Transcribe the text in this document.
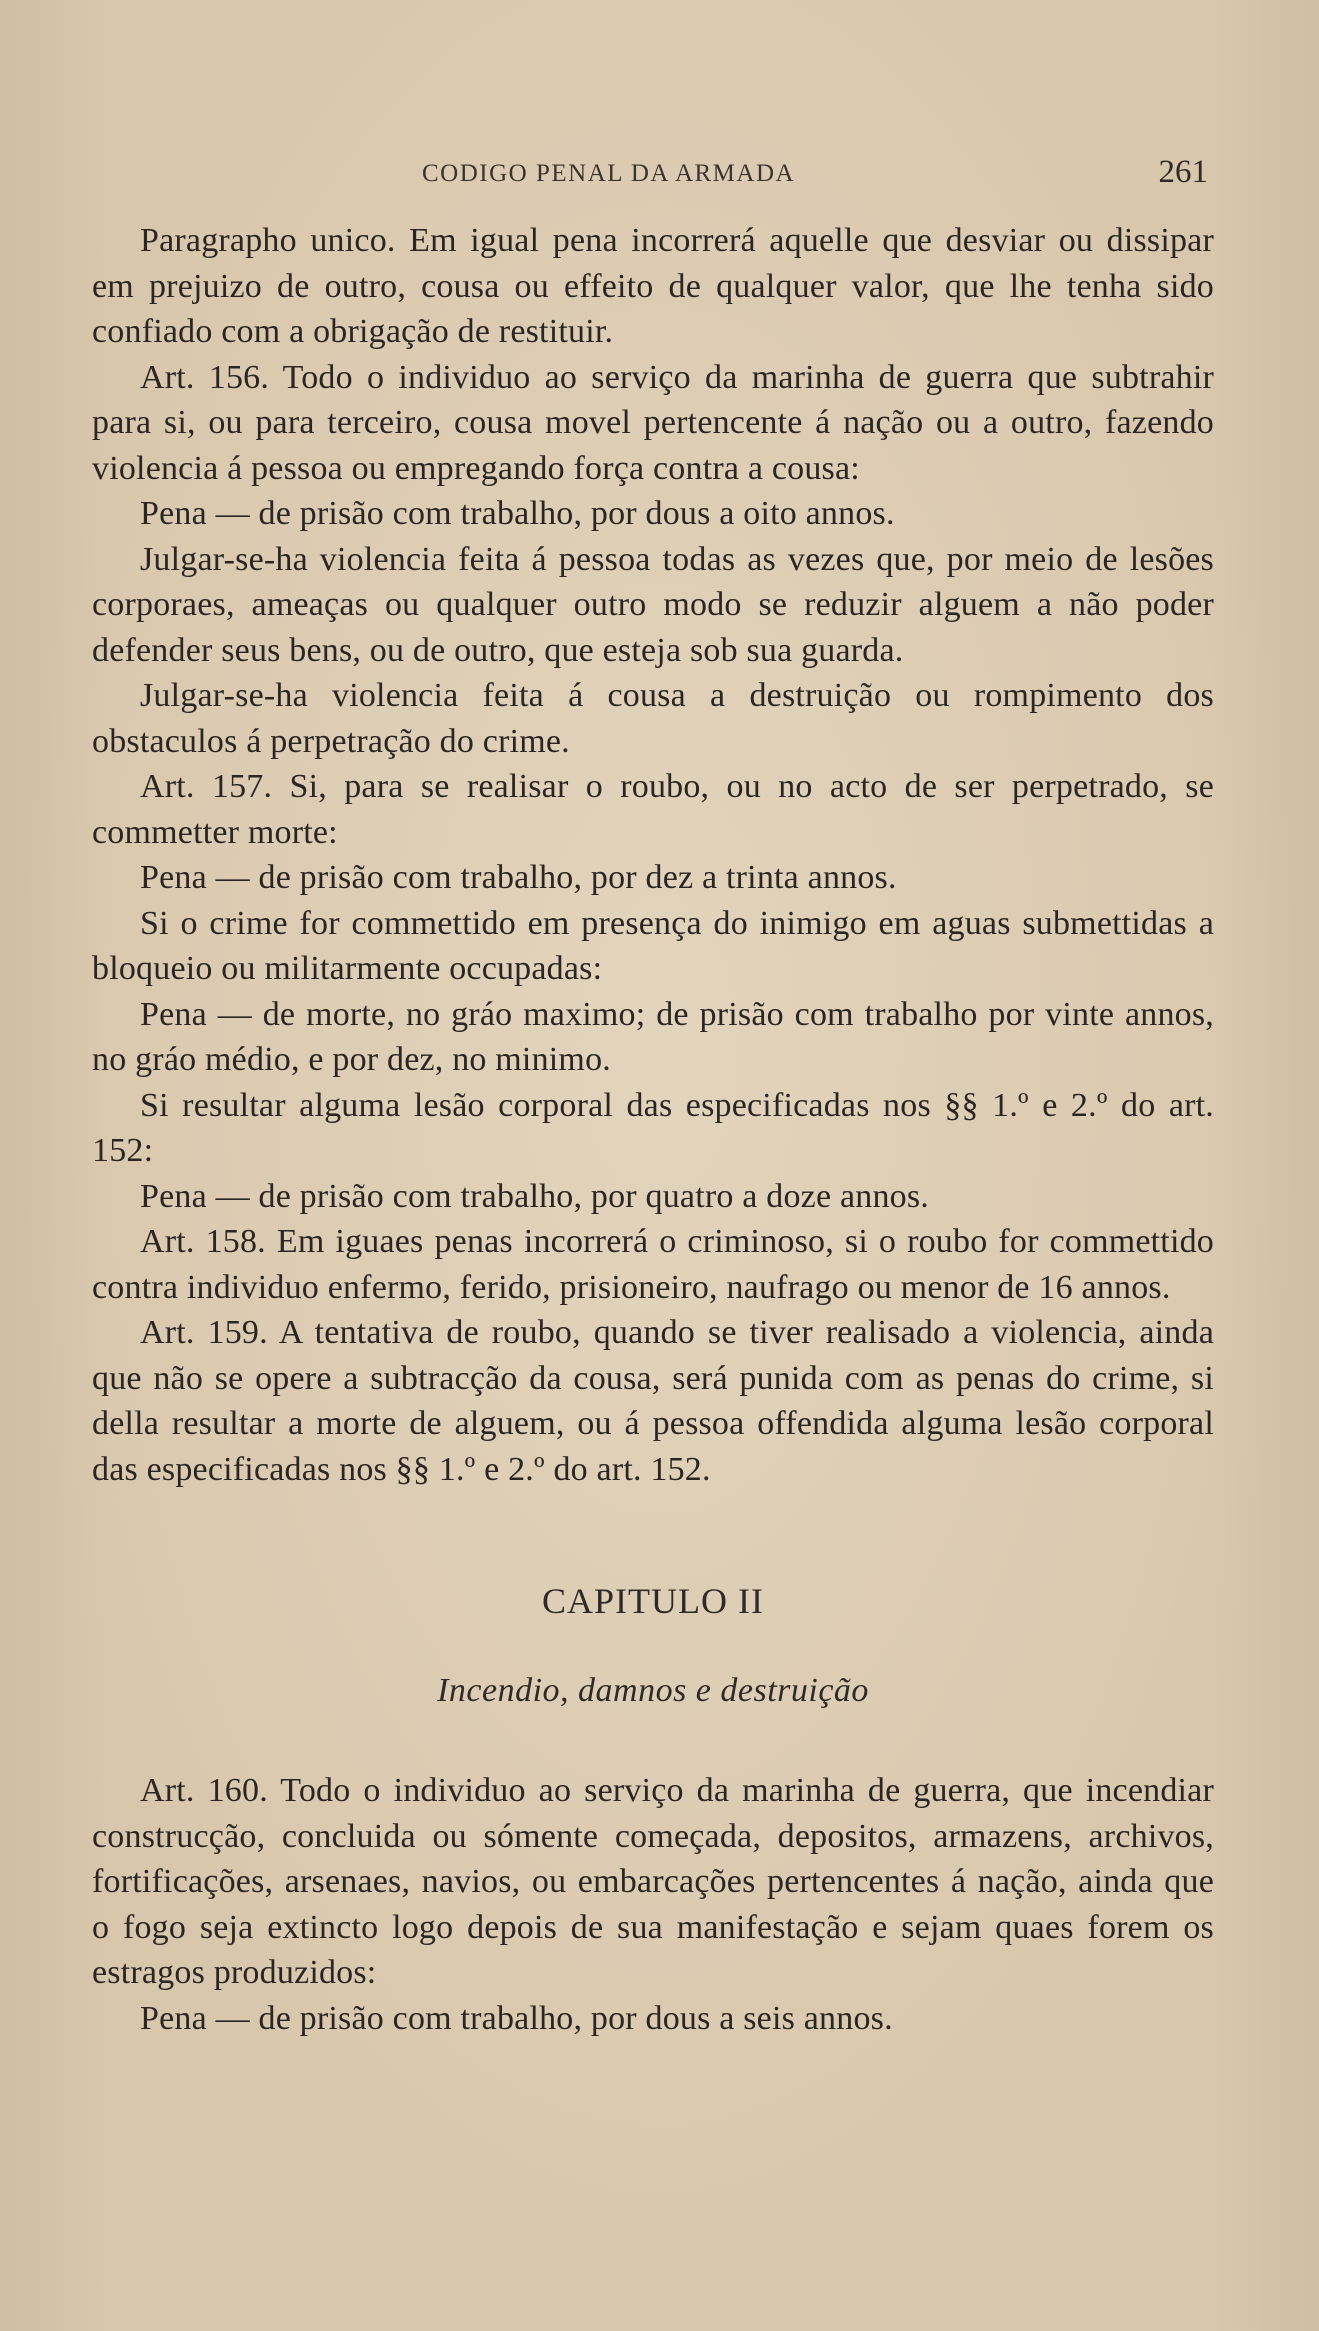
CODIGO PENAL DA ARMADA	261

Paragrapho unico. Em igual pena incorrerá aquelle que desviar ou dissipar em prejuizo de outro, cousa ou effeito de qualquer valor, que lhe tenha sido confiado com a obrigação de restituir.

Art. 156. Todo o individuo ao serviço da marinha de guerra que subtrahir para si, ou para terceiro, cousa movel pertencente á nação ou a outro, fazendo violencia á pessoa ou empregando força contra a cousa:

Pena — de prisão com trabalho, por dous a oito annos.

Julgar-se-ha violencia feita á pessoa todas as vezes que, por meio de lesões corporaes, ameaças ou qualquer outro modo se reduzir alguem a não poder defender seus bens, ou de outro, que esteja sob sua guarda.

Julgar-se-ha violencia feita á cousa a destruição ou rompimento dos obstaculos á perpetração do crime.

Art. 157. Si, para se realisar o roubo, ou no acto de ser perpetrado, se commetter morte:

Pena — de prisão com trabalho, por dez a trinta annos.

Si o crime for commettido em presença do inimigo em aguas submettidas a bloqueio ou militarmente occupadas:

Pena — de morte, no gráo maximo; de prisão com trabalho por vinte annos, no gráo médio, e por dez, no minimo.

Si resultar alguma lesão corporal das especificadas nos §§ 1.º e 2.º do art. 152:

Pena — de prisão com trabalho, por quatro a doze annos.

Art. 158. Em iguaes penas incorrerá o criminoso, si o roubo for commettido contra individuo enfermo, ferido, prisioneiro, naufrago ou menor de 16 annos.

Art. 159. A tentativa de roubo, quando se tiver realisado a violencia, ainda que não se opere a subtracção da cousa, será punida com as penas do crime, si della resultar a morte de alguem, ou á pessoa offendida alguma lesão corporal das especificadas nos §§ 1.º e 2.º do art. 152.

CAPITULO II
Incendio, damnos e destruição

Art. 160. Todo o individuo ao serviço da marinha de guerra, que incendiar construcção, concluida ou sómente começada, depositos, armazens, archivos, fortificações, arsenaes, navios, ou embarcações pertencentes á nação, ainda que o fogo seja extincto logo depois de sua manifestação e sejam quaes forem os estragos produzidos:

Pena — de prisão com trabalho, por dous a seis annos.
